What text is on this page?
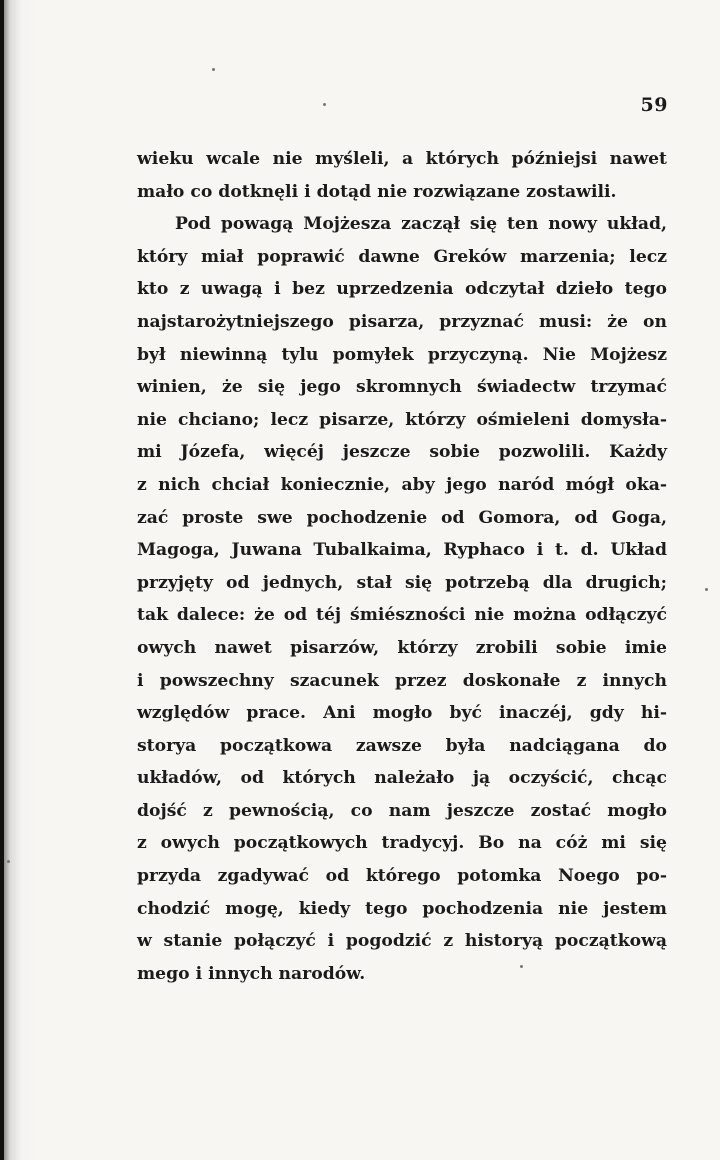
59
wieku wcale nie myśleli, a których późniejsi nawet
mało co dotknęli i dotąd nie rozwiązane zostawili.
Pod powagą Mojżesza zaczął się ten nowy układ,
który miał poprawić dawne Greków marzenia; lecz
kto z uwagą i bez uprzedzenia odczytał dzieło tego
najstarożytniejszego pisarza, przyznać musi: że on
był niewinną tylu pomyłek przyczyną. Nie Mojżesz
winien, że się jego skromnych świadectw trzymać
nie chciano; lecz pisarze, którzy ośmieleni domysła-
mi Józefa, więcéj jeszcze sobie pozwolili. Każdy
z nich chciał koniecznie, aby jego naród mógł oka-
zać proste swe pochodzenie od Gomora, od Goga,
Magoga, Juwana Tubalkaima, Ryphaco i t. d. Układ
przyjęty od jednych, stał się potrzebą dla drugich;
tak dalece: że od téj śmiészności nie można odłączyć
owych nawet pisarzów, którzy zrobili sobie imie
i powszechny szacunek przez doskonałe z innych
względów prace. Ani mogło być inaczéj, gdy hi-
storya początkowa zawsze była nadciągana do
układów, od których należało ją oczyścić, chcąc
dojść z pewnością, co nam jeszcze zostać mogło
z owych początkowych tradycyj. Bo na cóż mi się
przyda zgadywać od którego potomka Noego po-
chodzić mogę, kiedy tego pochodzenia nie jestem
w stanie połączyć i pogodzić z historyą początkową
mego i innych narodów.
